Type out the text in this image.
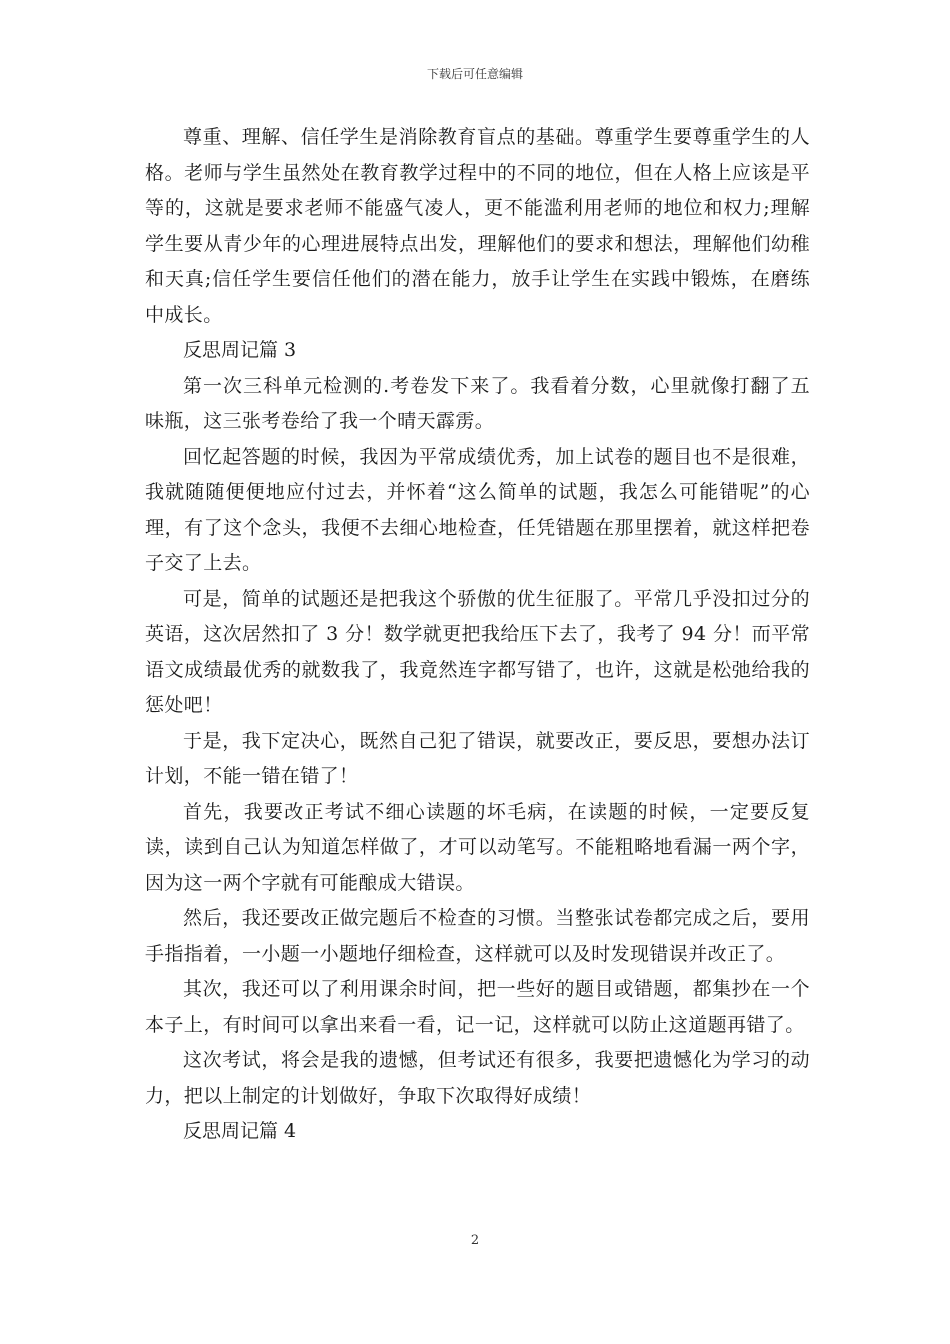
下载后可任意编辑

尊重、理解、信任学生是消除教育盲点的基础。尊重学生要尊重学生的人格。老师与学生虽然处在教育教学过程中的不同的地位，但在人格上应该是平等的，这就是要求老师不能盛气凌人，更不能滥利用老师的地位和权力;理解学生要从青少年的心理进展特点出发，理解他们的要求和想法，理解他们幼稚和天真;信任学生要信任他们的潜在能力，放手让学生在实践中锻炼，在磨练中成长。

反思周记篇 3

第一次三科单元检测的.考卷发下来了。我看着分数，心里就像打翻了五味瓶，这三张考卷给了我一个晴天霹雳。

回忆起答题的时候，我因为平常成绩优秀，加上试卷的题目也不是很难，我就随随便便地应付过去，并怀着“这么简单的试题，我怎么可能错呢”的心理，有了这个念头，我便不去细心地检查，任凭错题在那里摆着，就这样把卷子交了上去。

可是，简单的试题还是把我这个骄傲的优生征服了。平常几乎没扣过分的英语，这次居然扣了 3 分！数学就更把我给压下去了，我考了 94 分！而平常语文成绩最优秀的就数我了，我竟然连字都写错了，也许，这就是松弛给我的惩处吧！

于是，我下定决心，既然自己犯了错误，就要改正，要反思，要想办法订计划，不能一错在错了！

首先，我要改正考试不细心读题的坏毛病，在读题的时候，一定要反复读，读到自己认为知道怎样做了，才可以动笔写。不能粗略地看漏一两个字，因为这一两个字就有可能酿成大错误。

然后，我还要改正做完题后不检查的习惯。当整张试卷都完成之后，要用手指指着，一小题一小题地仔细检查，这样就可以及时发现错误并改正了。

其次，我还可以了利用课余时间，把一些好的题目或错题，都集抄在一个本子上，有时间可以拿出来看一看，记一记，这样就可以防止这道题再错了。

这次考试，将会是我的遗憾，但考试还有很多，我要把遗憾化为学习的动力，把以上制定的计划做好，争取下次取得好成绩！

反思周记篇 4

2
